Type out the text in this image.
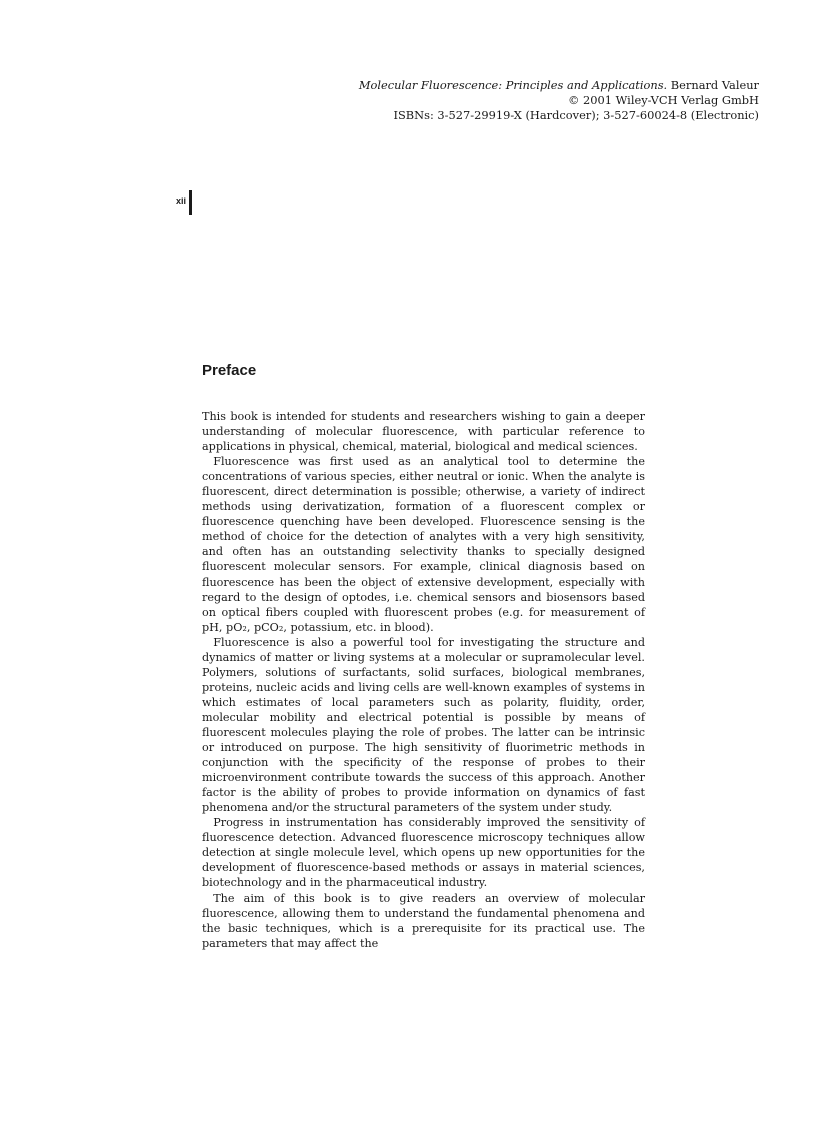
Molecular Fluorescence: Principles and Applications. Bernard Valeur
© 2001 Wiley-VCH Verlag GmbH
ISBNs: 3-527-29919-X (Hardcover); 3-527-60024-8 (Electronic)
xii
Preface

This book is intended for students and researchers wishing to gain a deeper understanding of molecular fluorescence, with particular reference to applications in physical, chemical, material, biological and medical sciences.

Fluorescence was first used as an analytical tool to determine the concentrations of various species, either neutral or ionic. When the analyte is fluorescent, direct determination is possible; otherwise, a variety of indirect methods using derivatization, formation of a fluorescent complex or fluorescence quenching have been developed. Fluorescence sensing is the method of choice for the detection of analytes with a very high sensitivity, and often has an outstanding selectivity thanks to specially designed fluorescent molecular sensors. For example, clinical diagnosis based on fluorescence has been the object of extensive development, especially with regard to the design of optodes, i.e. chemical sensors and biosensors based on optical fibers coupled with fluorescent probes (e.g. for measurement of pH, pO₂, pCO₂, potassium, etc. in blood).

Fluorescence is also a powerful tool for investigating the structure and dynamics of matter or living systems at a molecular or supramolecular level. Polymers, solutions of surfactants, solid surfaces, biological membranes, proteins, nucleic acids and living cells are well-known examples of systems in which estimates of local parameters such as polarity, fluidity, order, molecular mobility and electrical potential is possible by means of fluorescent molecules playing the role of probes. The latter can be intrinsic or introduced on purpose. The high sensitivity of fluorimetric methods in conjunction with the specificity of the response of probes to their microenvironment contribute towards the success of this approach. Another factor is the ability of probes to provide information on dynamics of fast phenomena and/or the structural parameters of the system under study.

Progress in instrumentation has considerably improved the sensitivity of fluorescence detection. Advanced fluorescence microscopy techniques allow detection at single molecule level, which opens up new opportunities for the development of fluorescence-based methods or assays in material sciences, biotechnology and in the pharmaceutical industry.

The aim of this book is to give readers an overview of molecular fluorescence, allowing them to understand the fundamental phenomena and the basic techniques, which is a prerequisite for its practical use. The parameters that may affect the
